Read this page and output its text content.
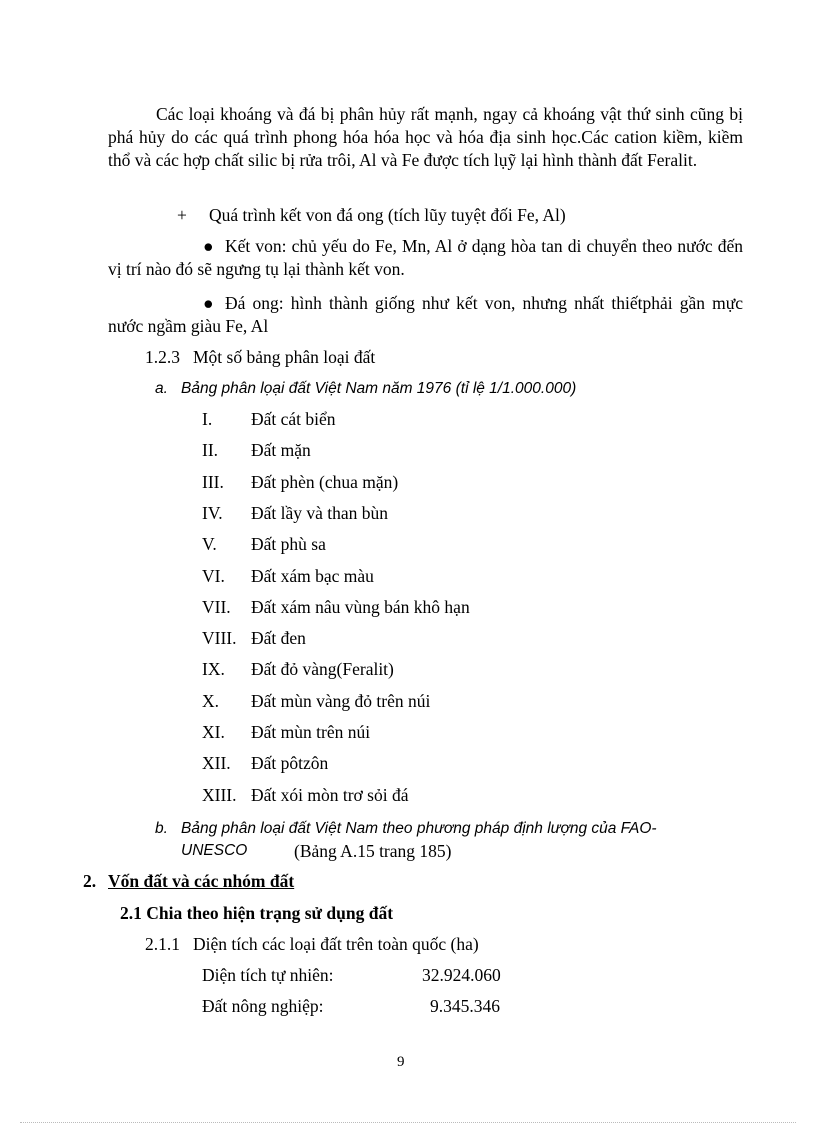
Các loại khoáng và đá bị phân hủy rất mạnh, ngay cả khoáng vật thứ sinh cũng bị phá hủy do các quá trình phong hóa hóa học và hóa địa sinh học.Các cation kiềm, kiềm thổ và các hợp chất silic bị rửa trôi, Al và Fe được tích lụỹ lại hình thành đất Feralit.
+ Quá trình kết von đá ong (tích lũy tuyệt đối Fe, Al)
● Kết von: chủ yếu do Fe, Mn, Al ở dạng hòa tan di chuyển theo nước đến vị trí nào đó sẽ ngưng tụ lại thành kết von.
● Đá ong: hình thành giống như kết von, nhưng nhất thiếtphải gần mực nước ngầm giàu Fe, Al
1.2.3 Một số bảng phân loại đất
a. Bảng phân lọại đất Việt Nam năm 1976 (tỉ lệ 1/1.000.000)
I. Đất cát biển
II. Đất mặn
III. Đất phèn (chua mặn)
IV. Đất lầy và than bùn
V. Đất phù sa
VI. Đất xám bạc màu
VII. Đất xám nâu vùng bán khô hạn
VIII. Đất đen
IX. Đất đỏ vàng(Feralit)
X. Đất mùn vàng đỏ trên núi
XI. Đất mùn trên núi
XII. Đất pôtzôn
XIII. Đất xói mòn trơ sỏi đá
b. Bảng phân loại đất Việt Nam theo phương pháp định lượng của FAO-
UNESCO	(Bảng A.15 trang 185)
2. Vốn đất và các nhóm đất
2.1 Chia theo hiện trạng sử dụng đất
2.1.1 Diện tích các loại đất trên toàn quốc (ha)
Diện tích tự nhiên:	32.924.060
Đất nông nghiệp:	9.345.346
9
